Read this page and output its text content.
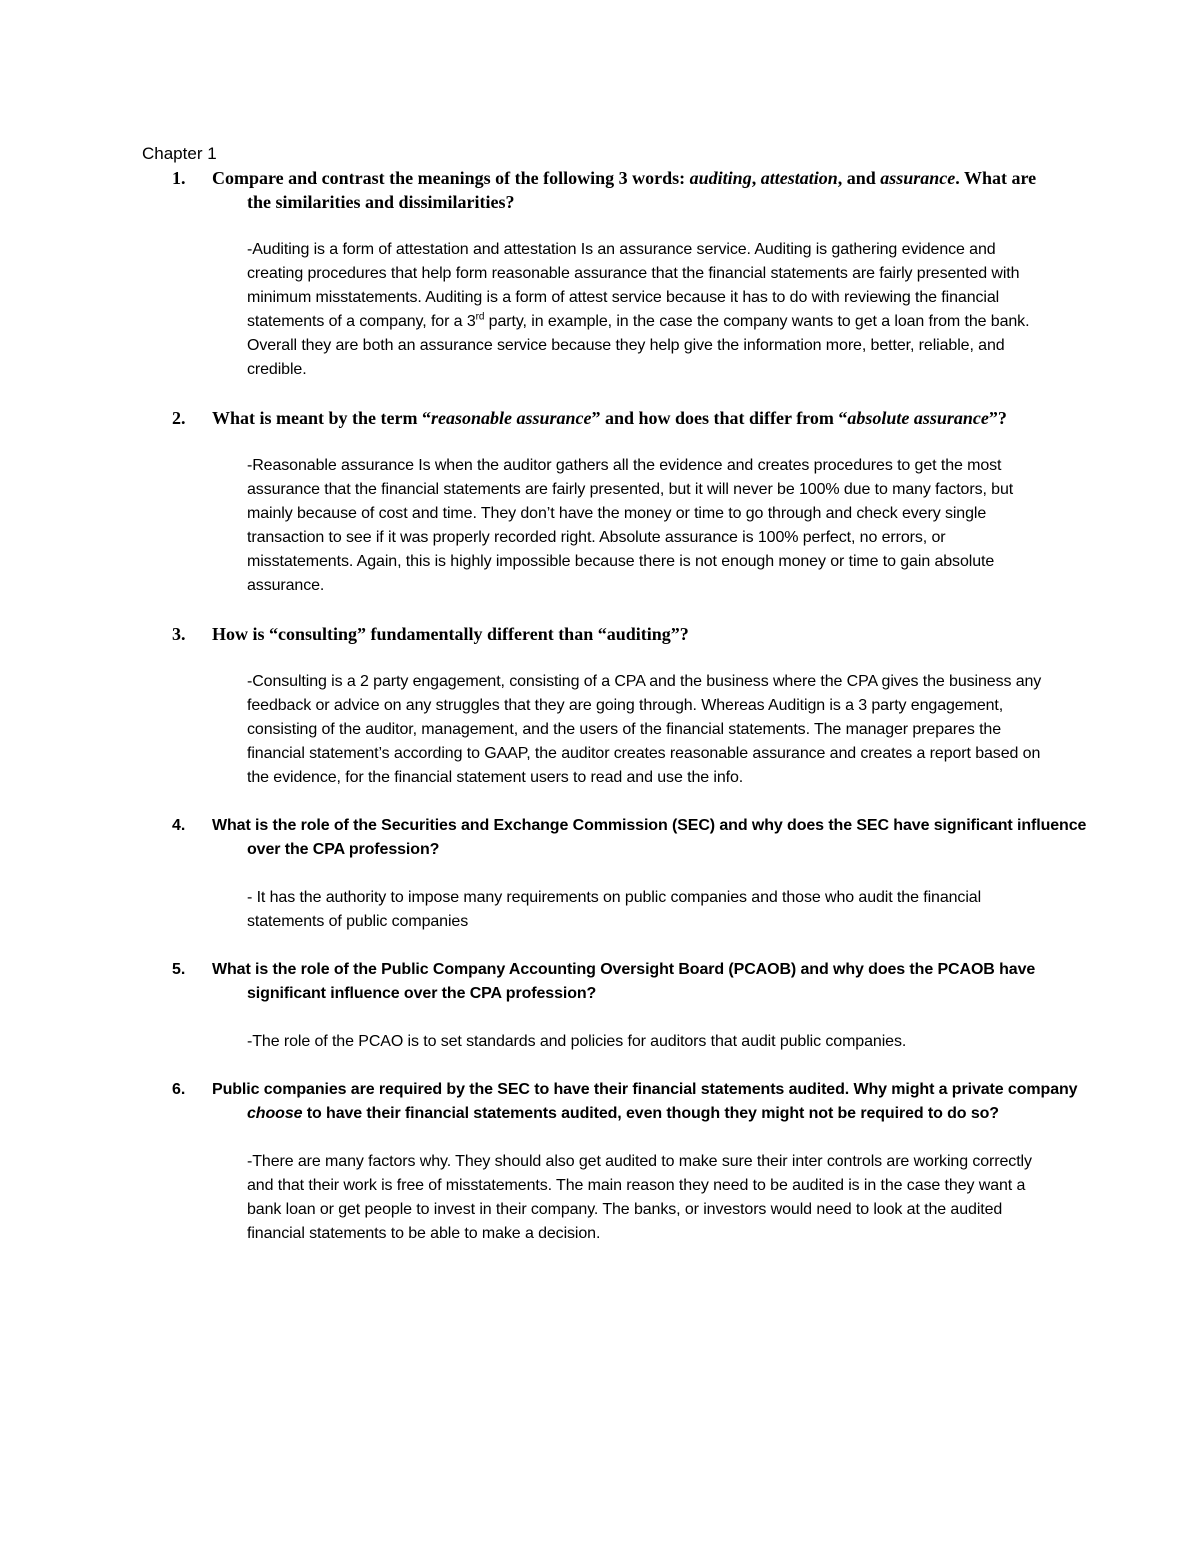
Chapter 1
1.	Compare and contrast the meanings of the following 3 words: auditing, attestation, and assurance. What are the similarities and dissimilarities?
-Auditing is a form of attestation and attestation Is an assurance service. Auditing is gathering evidence and creating procedures that help form reasonable assurance that the financial statements are fairly presented with minimum misstatements. Auditing is a form of attest service because it has to do with reviewing the financial statements of a company, for a 3rd party, in example, in the case the company wants to get a loan from the bank. Overall they are both an assurance service because they help give the information more, better, reliable, and credible.
2.	What is meant by the term “reasonable assurance” and how does that differ from “absolute assurance”?
-Reasonable assurance Is when the auditor gathers all the evidence and creates procedures to get the most assurance that the financial statements are fairly presented, but it will never be 100% due to many factors, but mainly because of cost and time. They don’t have the money or time to go through and check every single transaction to see if it was properly recorded right. Absolute assurance is 100% perfect, no errors, or misstatements. Again, this is highly impossible because there is not enough money or time to gain absolute assurance.
3.	How is “consulting” fundamentally different than “auditing”?
-Consulting is a 2 party engagement, consisting of a CPA and the business where the CPA gives the business any feedback or advice on any struggles that they are going through. Whereas Auditign is a 3 party engagement, consisting of the auditor, management, and the users of the financial statements. The manager prepares the financial statement’s according to GAAP, the auditor creates reasonable assurance and creates a report based on the evidence, for the financial statement users to read and use the info.
4.	What is the role of the Securities and Exchange Commission (SEC) and why does the SEC have significant influence over the CPA profession?
- It has the authority to impose many requirements on public companies and those who audit the financial statements of public companies
5.	What is the role of the Public Company Accounting Oversight Board (PCAOB) and why does the PCAOB have significant influence over the CPA profession?
-The role of the PCAO is to set standards and policies for auditors that audit public companies.
6.	Public companies are required by the SEC to have their financial statements audited. Why might a private company choose to have their financial statements audited, even though they might not be required to do so?
-There are many factors why. They should also get audited to make sure their inter controls are working correctly and that their work is free of misstatements. The main reason they need to be audited is in the case they want a bank loan or get people to invest in their company. The banks, or investors would need to look at the audited financial statements to be able to make a decision.
